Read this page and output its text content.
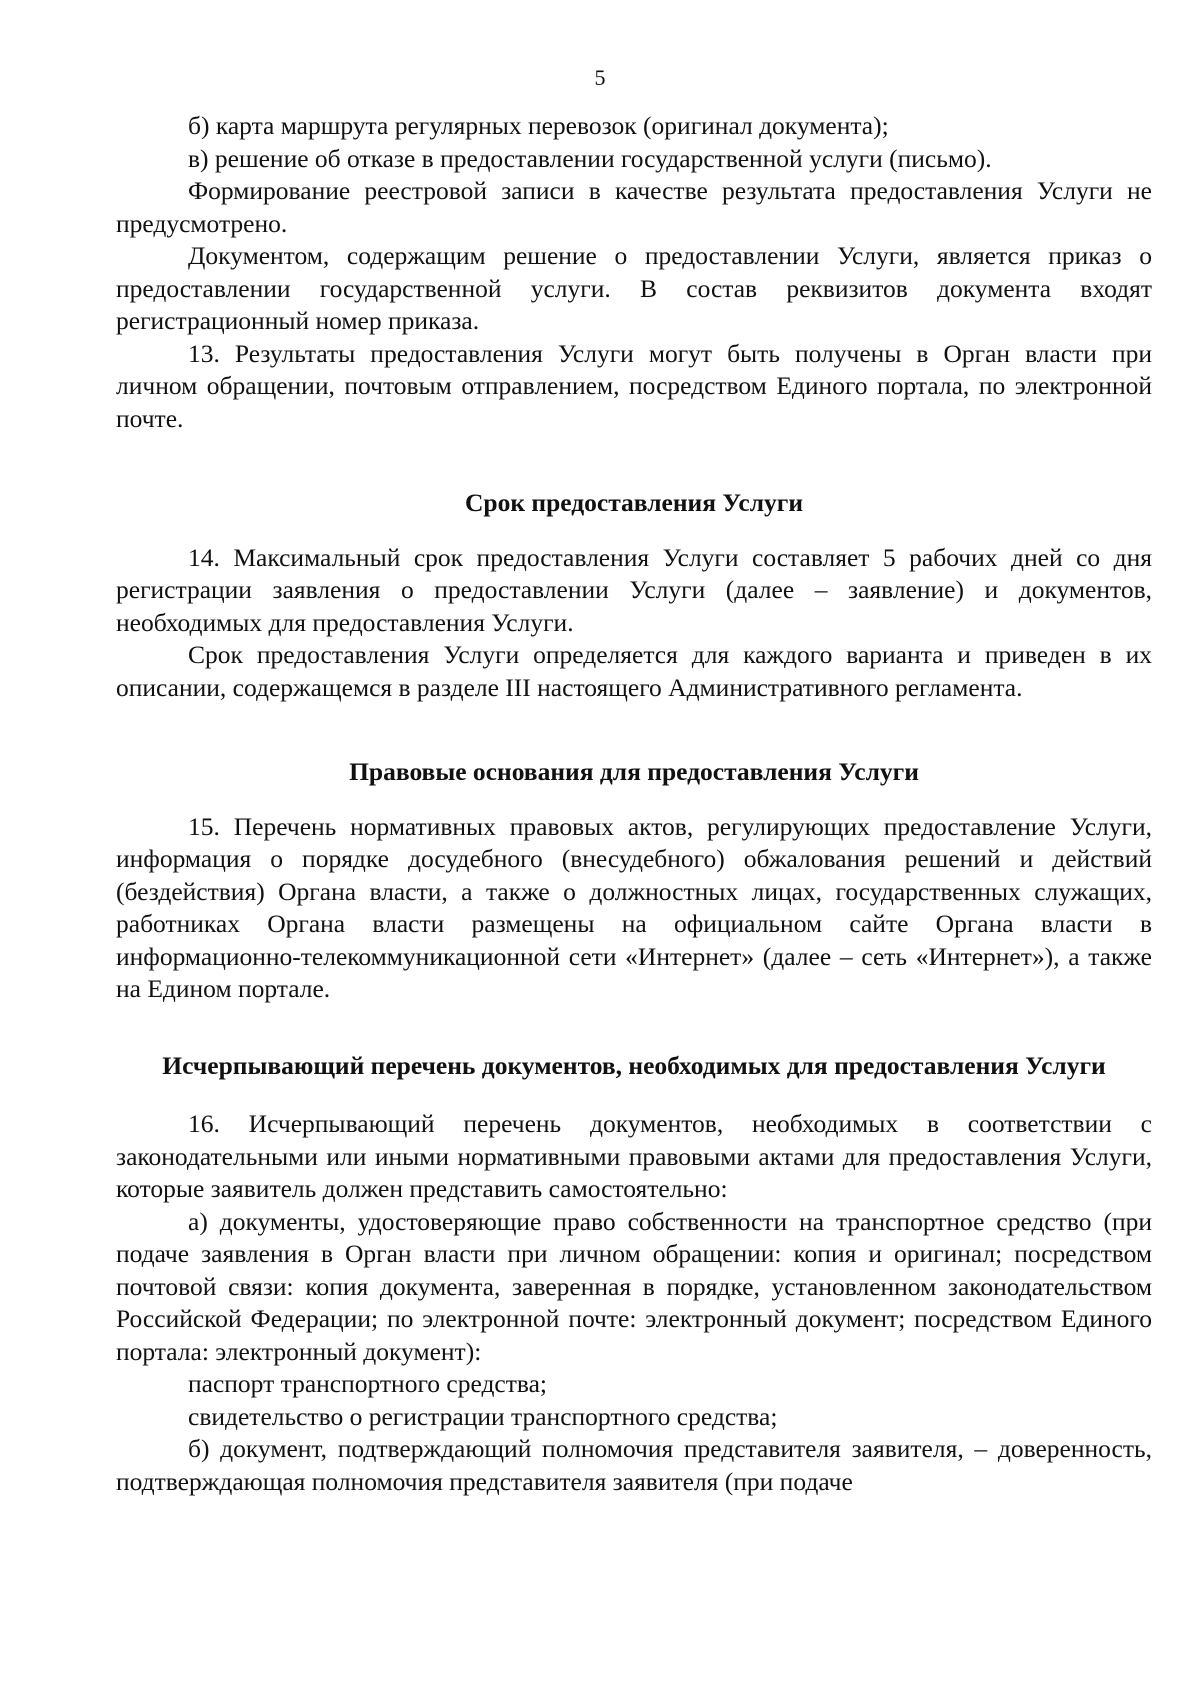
5

б) карта маршрута регулярных перевозок (оригинал документа);

в) решение об отказе в предоставлении государственной услуги (письмо).

Формирование реестровой записи в качестве результата предоставления Услуги не предусмотрено.

Документом, содержащим решение о предоставлении Услуги, является приказ о предоставлении государственной услуги. В состав реквизитов документа входят регистрационный номер приказа.

13. Результаты предоставления Услуги могут быть получены в Орган власти при личном обращении, почтовым отправлением, посредством Единого портала, по электронной почте.

Срок предоставления Услуги

14. Максимальный срок предоставления Услуги составляет 5 рабочих дней со дня регистрации заявления о предоставлении Услуги (далее – заявление) и документов, необходимых для предоставления Услуги.

Срок предоставления Услуги определяется для каждого варианта и приведен в их описании, содержащемся в разделе III настоящего Административного регламента.

Правовые основания для предоставления Услуги

15. Перечень нормативных правовых актов, регулирующих предоставление Услуги, информация о порядке досудебного (внесудебного) обжалования решений и действий (бездействия) Органа власти, а также о должностных лицах, государственных служащих, работниках Органа власти размещены на официальном сайте Органа власти в информационно-телекоммуникационной сети «Интернет» (далее – сеть «Интернет»), а также на Едином портале.

Исчерпывающий перечень документов, необходимых для предоставления Услуги

16. Исчерпывающий перечень документов, необходимых в соответствии с законодательными или иными нормативными правовыми актами для предоставления Услуги, которые заявитель должен представить самостоятельно:

а) документы, удостоверяющие право собственности на транспортное средство (при подаче заявления в Орган власти при личном обращении: копия и оригинал; посредством почтовой связи: копия документа, заверенная в порядке, установленном законодательством Российской Федерации; по электронной почте: электронный документ; посредством Единого портала: электронный документ):

паспорт транспортного средства;

свидетельство о регистрации транспортного средства;

б) документ, подтверждающий полномочия представителя заявителя, – доверенность, подтверждающая полномочия представителя заявителя (при подаче
